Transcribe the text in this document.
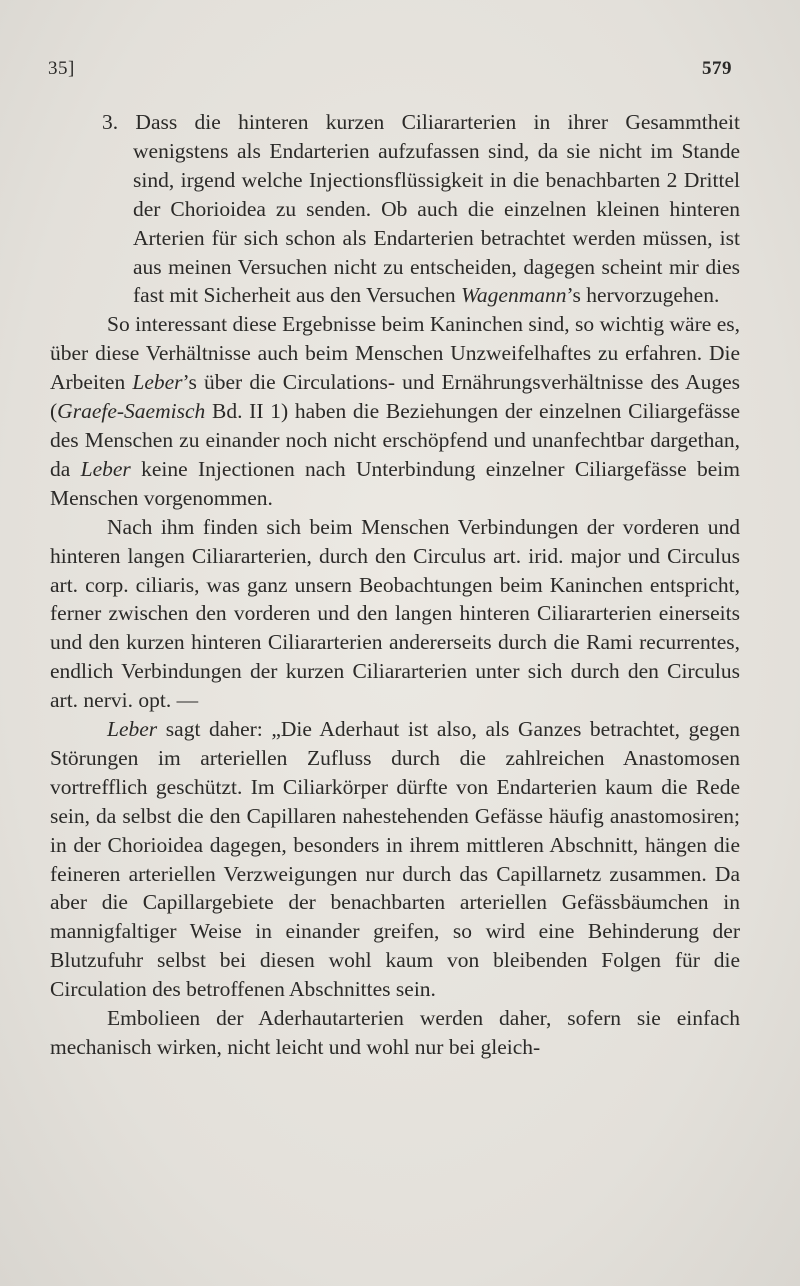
35]	579

3. Dass die hinteren kurzen Ciliararterien in ihrer Gesammtheit wenigstens als Endarterien aufzufassen sind, da sie nicht im Stande sind, irgend welche Injectionsflüssigkeit in die benachbarten 2 Drittel der Chorioidea zu senden. Ob auch die einzelnen kleinen hinteren Arterien für sich schon als Endarterien betrachtet werden müssen, ist aus meinen Versuchen nicht zu entscheiden, dagegen scheint mir dies fast mit Sicherheit aus den Versuchen Wagenmann’s hervorzugehen.

So interessant diese Ergebnisse beim Kaninchen sind, so wichtig wäre es, über diese Verhältnisse auch beim Menschen Unzweifelhaftes zu erfahren. Die Arbeiten Leber’s über die Circulations- und Ernährungsverhältnisse des Auges (Graefe-Saemisch Bd. II 1) haben die Beziehungen der einzelnen Ciliargefässe des Menschen zu einander noch nicht erschöpfend und unanfechtbar dargethan, da Leber keine Injectionen nach Unterbindung einzelner Ciliargefässe beim Menschen vorgenommen.

Nach ihm finden sich beim Menschen Verbindungen der vorderen und hinteren langen Ciliararterien, durch den Circulus art. irid. major und Circulus art. corp. ciliaris, was ganz unsern Beobachtungen beim Kaninchen entspricht, ferner zwischen den vorderen und den langen hinteren Ciliararterien einerseits und den kurzen hinteren Ciliararterien andererseits durch die Rami recurrentes, endlich Verbindungen der kurzen Ciliararterien unter sich durch den Circulus art. nervi. opt. —

Leber sagt daher: „Die Aderhaut ist also, als Ganzes betrachtet, gegen Störungen im arteriellen Zufluss durch die zahlreichen Anastomosen vortrefflich geschützt. Im Ciliarkörper dürfte von Endarterien kaum die Rede sein, da selbst die den Capillaren nahestehenden Gefässe häufig anastomosiren; in der Chorioidea dagegen, besonders in ihrem mittleren Abschnitt, hängen die feineren arteriellen Verzweigungen nur durch das Capillarnetz zusammen. Da aber die Capillargebiete der benachbarten arteriellen Gefässbäumchen in mannigfaltiger Weise in einander greifen, so wird eine Behinderung der Blutzufuhr selbst bei diesen wohl kaum von bleibenden Folgen für die Circulation des betroffenen Abschnittes sein.

Embolieen der Aderhautarterien werden daher, sofern sie einfach mechanisch wirken, nicht leicht und wohl nur bei gleich-
